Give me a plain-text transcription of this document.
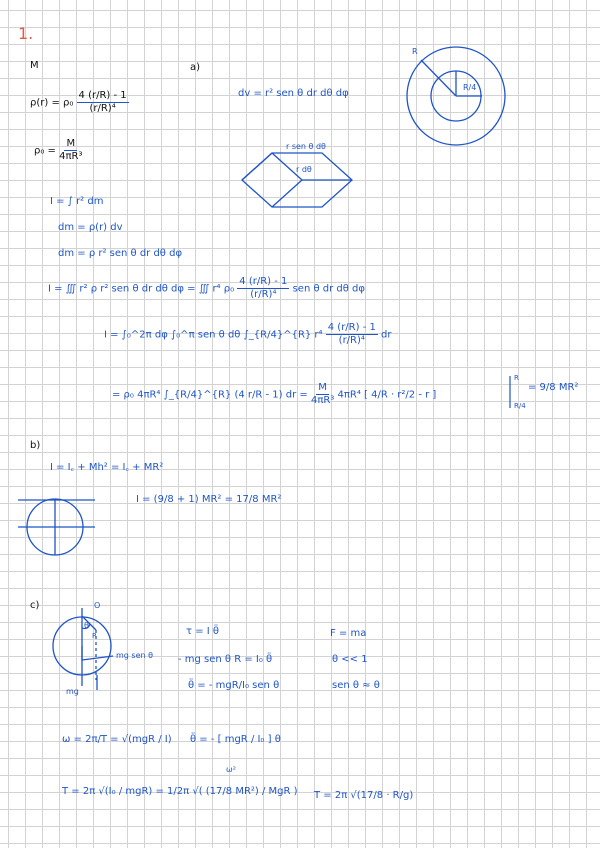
1.
M	a)
$\rho(r) = \rho_0 \frac{4 (r/R) - 1}{\text{(r/R)⁴}}$
$\rho_0 = \frac{M}{\text{4πR³}}$
dv = r² sen θ dr dθ dφ
r sen θ dθ
r dθ
R
R/4
I = ∫ r² dm
dm = ρ(r) dv
dm = ρ r² sen θ dr dθ dφ
I = ∭ r² ρ r² sen θ dr dθ dφ = ∭ r⁴ $\rho_0 \frac{4 (r/R) - 1}{\text{(r/R)⁴}}$ sen θ dr dθ dφ
I = ∫₀^2π dφ ∫₀^π sen θ dθ ∫_{R/4}^{R} $r^4 \frac{4 (r/R) - 1}{\text{(r/R)⁴}}$ dr
= ρ₀ 4πR⁴ ∫_{R/4}^{R} (4 r/R - 1) dr = $\frac{M}{\text{4πR³}} 4\pi R^4$ [ 4/R · r²/2 - r ]
R
R/4
= 9/8 MR²
b)
I = I꜀ + Mh² = I꜀ + MR²
I = (9/8 + 1) MR² = 17/8 MR²
c)	O
θ
R
mg sen θ
mg
τ = I θ̈	F = ma
- mg sen θ R = I₀ θ̈	θ << 1
θ̈ = - mgR/I₀ sen θ	sen θ ≈ θ
ω = 2π/T = √(mgR / I) θ̈ = - [ mgR / I₀ ] θ
ω²
T = 2π √(I₀ / mgR) = 1/2π √( (17/8 MR²) / MgR ) T = 2π √(17/8 · R/g)
